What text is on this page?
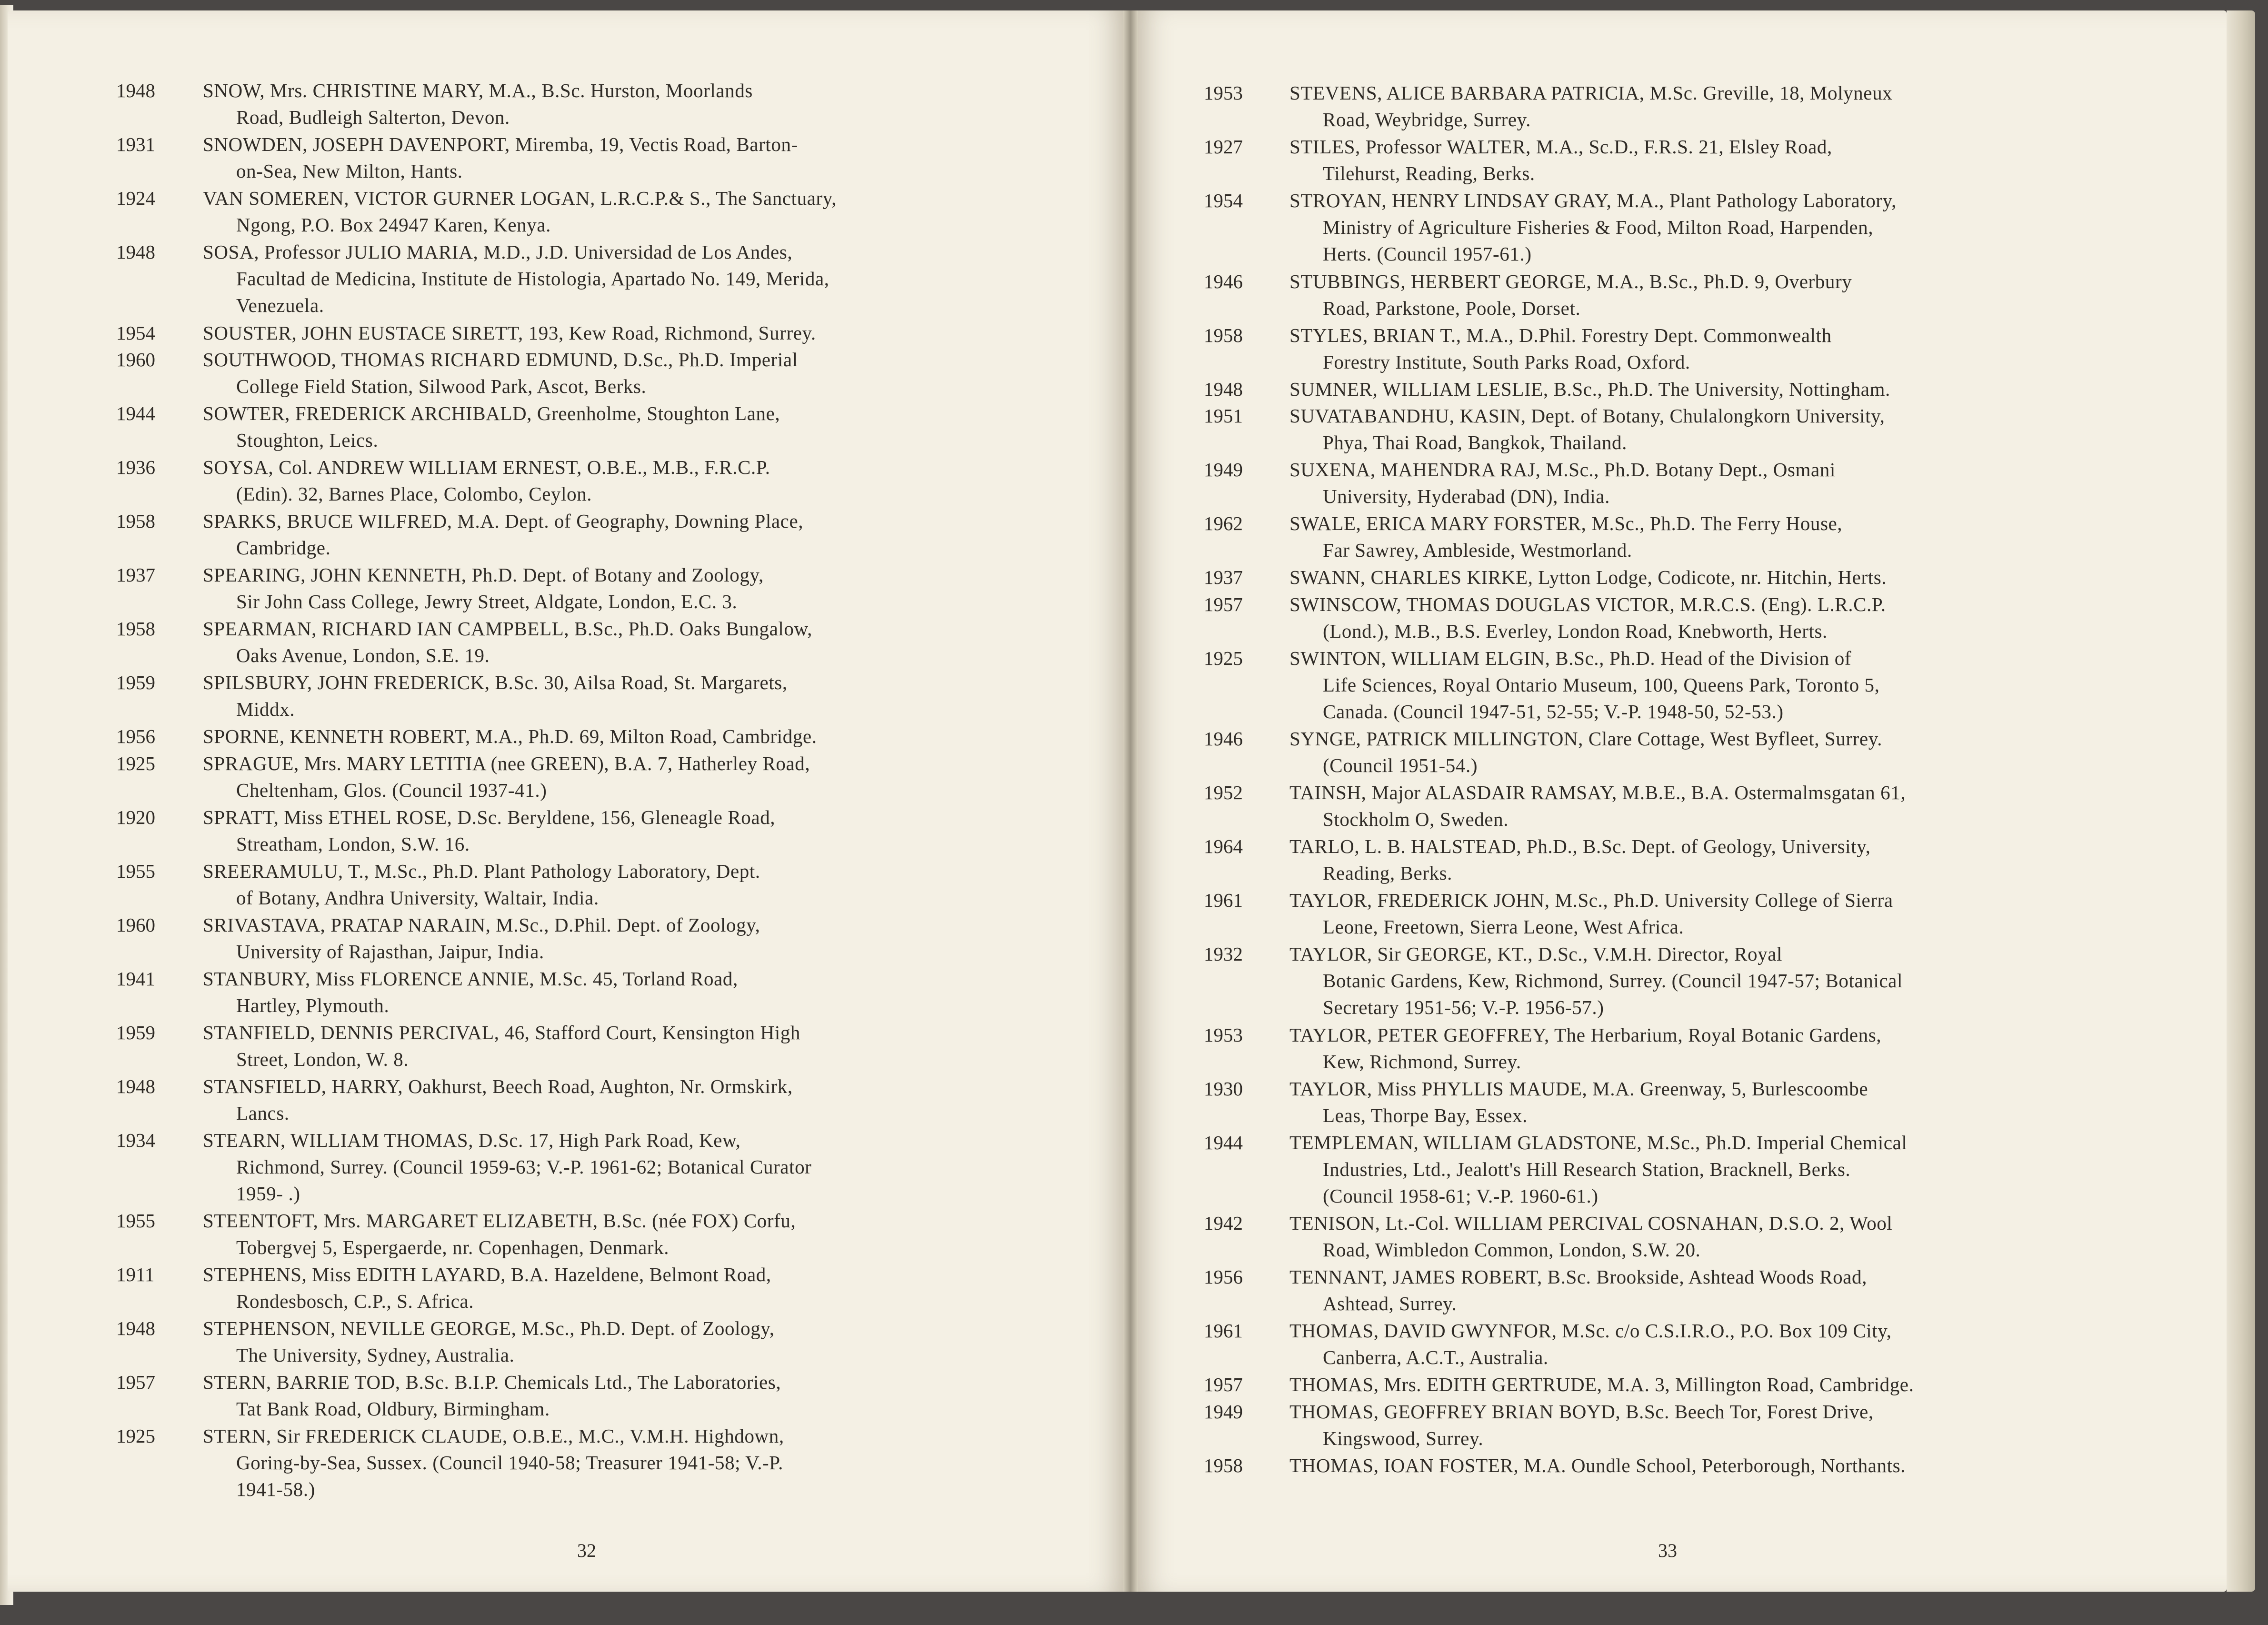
1948	SNOW, Mrs. CHRISTINE MARY, M.A., B.Sc. Hurston, Moorlands
Road, Budleigh Salterton, Devon.
1931	SNOWDEN, JOSEPH DAVENPORT, Miremba, 19, Vectis Road, Barton-
on-Sea, New Milton, Hants.
1924	VAN SOMEREN, VICTOR GURNER LOGAN, L.R.C.P.& S., The Sanctuary,
Ngong, P.O. Box 24947 Karen, Kenya.
1948	SOSA, Professor JULIO MARIA, M.D., J.D. Universidad de Los Andes,
Facultad de Medicina, Institute de Histologia, Apartado No. 149, Merida,
Venezuela.
1954	SOUSTER, JOHN EUSTACE SIRETT, 193, Kew Road, Richmond, Surrey.
1960	SOUTHWOOD, THOMAS RICHARD EDMUND, D.Sc., Ph.D. Imperial
College Field Station, Silwood Park, Ascot, Berks.
1944	SOWTER, FREDERICK ARCHIBALD, Greenholme, Stoughton Lane,
Stoughton, Leics.
1936	SOYSA, Col. ANDREW WILLIAM ERNEST, O.B.E., M.B., F.R.C.P.
(Edin). 32, Barnes Place, Colombo, Ceylon.
1958	SPARKS, BRUCE WILFRED, M.A. Dept. of Geography, Downing Place,
Cambridge.
1937	SPEARING, JOHN KENNETH, Ph.D. Dept. of Botany and Zoology,
Sir John Cass College, Jewry Street, Aldgate, London, E.C. 3.
1958	SPEARMAN, RICHARD IAN CAMPBELL, B.Sc., Ph.D. Oaks Bungalow,
Oaks Avenue, London, S.E. 19.
1959	SPILSBURY, JOHN FREDERICK, B.Sc. 30, Ailsa Road, St. Margarets,
Middx.
1956	SPORNE, KENNETH ROBERT, M.A., Ph.D. 69, Milton Road, Cambridge.
1925	SPRAGUE, Mrs. MARY LETITIA (nee GREEN), B.A. 7, Hatherley Road,
Cheltenham, Glos. (Council 1937-41.)
1920	SPRATT, Miss ETHEL ROSE, D.Sc. Beryldene, 156, Gleneagle Road,
Streatham, London, S.W. 16.
1955	SREERAMULU, T., M.Sc., Ph.D. Plant Pathology Laboratory, Dept.
of Botany, Andhra University, Waltair, India.
1960	SRIVASTAVA, PRATAP NARAIN, M.Sc., D.Phil. Dept. of Zoology,
University of Rajasthan, Jaipur, India.
1941	STANBURY, Miss FLORENCE ANNIE, M.Sc. 45, Torland Road,
Hartley, Plymouth.
1959	STANFIELD, DENNIS PERCIVAL, 46, Stafford Court, Kensington High
Street, London, W. 8.
1948	STANSFIELD, HARRY, Oakhurst, Beech Road, Aughton, Nr. Ormskirk,
Lancs.
1934	STEARN, WILLIAM THOMAS, D.Sc. 17, High Park Road, Kew,
Richmond, Surrey. (Council 1959-63; V.-P. 1961-62; Botanical Curator
1959- .)
1955	STEENTOFT, Mrs. MARGARET ELIZABETH, B.Sc. (née FOX) Corfu,
Tobergvej 5, Espergaerde, nr. Copenhagen, Denmark.
1911	STEPHENS, Miss EDITH LAYARD, B.A. Hazeldene, Belmont Road,
Rondesbosch, C.P., S. Africa.
1948	STEPHENSON, NEVILLE GEORGE, M.Sc., Ph.D. Dept. of Zoology,
The University, Sydney, Australia.
1957	STERN, BARRIE TOD, B.Sc. B.I.P. Chemicals Ltd., The Laboratories,
Tat Bank Road, Oldbury, Birmingham.
1925	STERN, Sir FREDERICK CLAUDE, O.B.E., M.C., V.M.H. Highdown,
Goring-by-Sea, Sussex. (Council 1940-58; Treasurer 1941-58; V.-P.
1941-58.)
32
1953	STEVENS, ALICE BARBARA PATRICIA, M.Sc. Greville, 18, Molyneux
Road, Weybridge, Surrey.
1927	STILES, Professor WALTER, M.A., Sc.D., F.R.S. 21, Elsley Road,
Tilehurst, Reading, Berks.
1954	STROYAN, HENRY LINDSAY GRAY, M.A., Plant Pathology Laboratory,
Ministry of Agriculture Fisheries & Food, Milton Road, Harpenden,
Herts. (Council 1957-61.)
1946	STUBBINGS, HERBERT GEORGE, M.A., B.Sc., Ph.D. 9, Overbury
Road, Parkstone, Poole, Dorset.
1958	STYLES, BRIAN T., M.A., D.Phil. Forestry Dept. Commonwealth
Forestry Institute, South Parks Road, Oxford.
1948	SUMNER, WILLIAM LESLIE, B.Sc., Ph.D. The University, Nottingham.
1951	SUVATABANDHU, KASIN, Dept. of Botany, Chulalongkorn University,
Phya, Thai Road, Bangkok, Thailand.
1949	SUXENA, MAHENDRA RAJ, M.Sc., Ph.D. Botany Dept., Osmani
University, Hyderabad (DN), India.
1962	SWALE, ERICA MARY FORSTER, M.Sc., Ph.D. The Ferry House,
Far Sawrey, Ambleside, Westmorland.
1937	SWANN, CHARLES KIRKE, Lytton Lodge, Codicote, nr. Hitchin, Herts.
1957	SWINSCOW, THOMAS DOUGLAS VICTOR, M.R.C.S. (Eng). L.R.C.P.
(Lond.), M.B., B.S. Everley, London Road, Knebworth, Herts.
1925	SWINTON, WILLIAM ELGIN, B.Sc., Ph.D. Head of the Division of
Life Sciences, Royal Ontario Museum, 100, Queens Park, Toronto 5,
Canada. (Council 1947-51, 52-55; V.-P. 1948-50, 52-53.)
1946	SYNGE, PATRICK MILLINGTON, Clare Cottage, West Byfleet, Surrey.
(Council 1951-54.)
1952	TAINSH, Major ALASDAIR RAMSAY, M.B.E., B.A. Ostermalmsgatan 61,
Stockholm O, Sweden.
1964	TARLO, L. B. HALSTEAD, Ph.D., B.Sc. Dept. of Geology, University,
Reading, Berks.
1961	TAYLOR, FREDERICK JOHN, M.Sc., Ph.D. University College of Sierra
Leone, Freetown, Sierra Leone, West Africa.
1932	TAYLOR, Sir GEORGE, KT., D.Sc., V.M.H. Director, Royal
Botanic Gardens, Kew, Richmond, Surrey. (Council 1947-57; Botanical
Secretary 1951-56; V.-P. 1956-57.)
1953	TAYLOR, PETER GEOFFREY, The Herbarium, Royal Botanic Gardens,
Kew, Richmond, Surrey.
1930	TAYLOR, Miss PHYLLIS MAUDE, M.A. Greenway, 5, Burlescoombe
Leas, Thorpe Bay, Essex.
1944	TEMPLEMAN, WILLIAM GLADSTONE, M.Sc., Ph.D. Imperial Chemical
Industries, Ltd., Jealott's Hill Research Station, Bracknell, Berks.
(Council 1958-61; V.-P. 1960-61.)
1942	TENISON, Lt.-Col. WILLIAM PERCIVAL COSNAHAN, D.S.O. 2, Wool
Road, Wimbledon Common, London, S.W. 20.
1956	TENNANT, JAMES ROBERT, B.Sc. Brookside, Ashtead Woods Road,
Ashtead, Surrey.
1961	THOMAS, DAVID GWYNFOR, M.Sc. c/o C.S.I.R.O., P.O. Box 109 City,
Canberra, A.C.T., Australia.
1957	THOMAS, Mrs. EDITH GERTRUDE, M.A. 3, Millington Road, Cambridge.
1949	THOMAS, GEOFFREY BRIAN BOYD, B.Sc. Beech Tor, Forest Drive,
Kingswood, Surrey.
1958	THOMAS, IOAN FOSTER, M.A. Oundle School, Peterborough, Northants.
33
